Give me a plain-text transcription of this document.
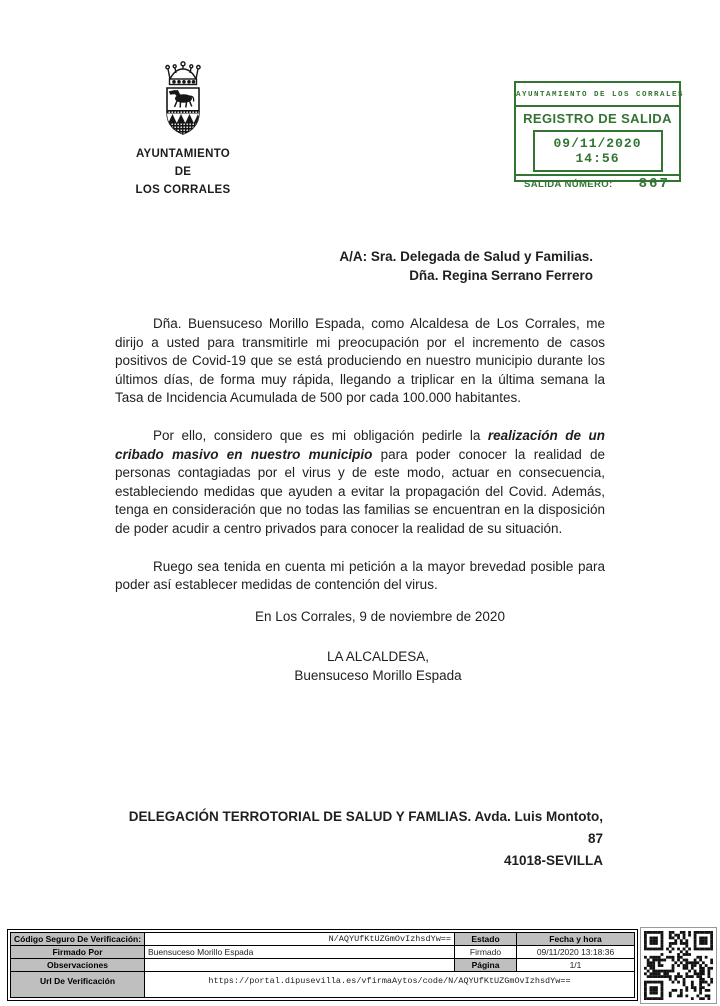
AYUNTAMIENTO
DE
LOS CORRALES
AYUNTAMIENTO DE LOS CORRALES
REGISTRO DE SALIDA
09/11/2020 14:56
SALIDA NÚMERO: 867
A/A: Sra. Delegada de Salud y Familias.
Dña. Regina Serrano Ferrero

Dña. Buensuceso Morillo Espada, como Alcaldesa de Los Corrales, me dirijo a usted para transmitirle mi preocupación por el incremento de casos positivos de Covid-19 que se está produciendo en nuestro municipio durante los últimos días, de forma muy rápida, llegando a triplicar en la última semana la Tasa de Incidencia Acumulada de 500 por cada 100.000 habitantes.

Por ello, considero que es mi obligación pedirle la realización de un cribado masivo en nuestro municipio para poder conocer la realidad de personas contagiadas por el virus y de este modo, actuar en consecuencia, estableciendo medidas que ayuden a evitar la propagación del Covid. Además, tenga en consideración que no todas las familias se encuentran en la disposición de poder acudir a centro privados para conocer la realidad de su situación.

Ruego sea tenida en cuenta mi petición a la mayor brevedad posible para poder así establecer medidas de contención del virus.

En Los Corrales, 9 de noviembre de 2020

LA ALCALDESA,
Buensuceso Morillo Espada
DELEGACIÓN TERROTORIAL DE SALUD Y FAMLIAS. Avda. Luis Montoto, 87
41018-SEVILLA
Código Seguro De Verificación:	N/AQYUfKtUZGmOvIzhsdYw==	Estado	Fecha y hora
Firmado Por	Buensuceso Morillo Espada	Firmado	09/11/2020 13:18:36
Observaciones		Página	1/1
Url De Verificación	https://portal.dipusevilla.es/vfirmaAytos/code/N/AQYUfKtUZGmOvIzhsdYw==		
